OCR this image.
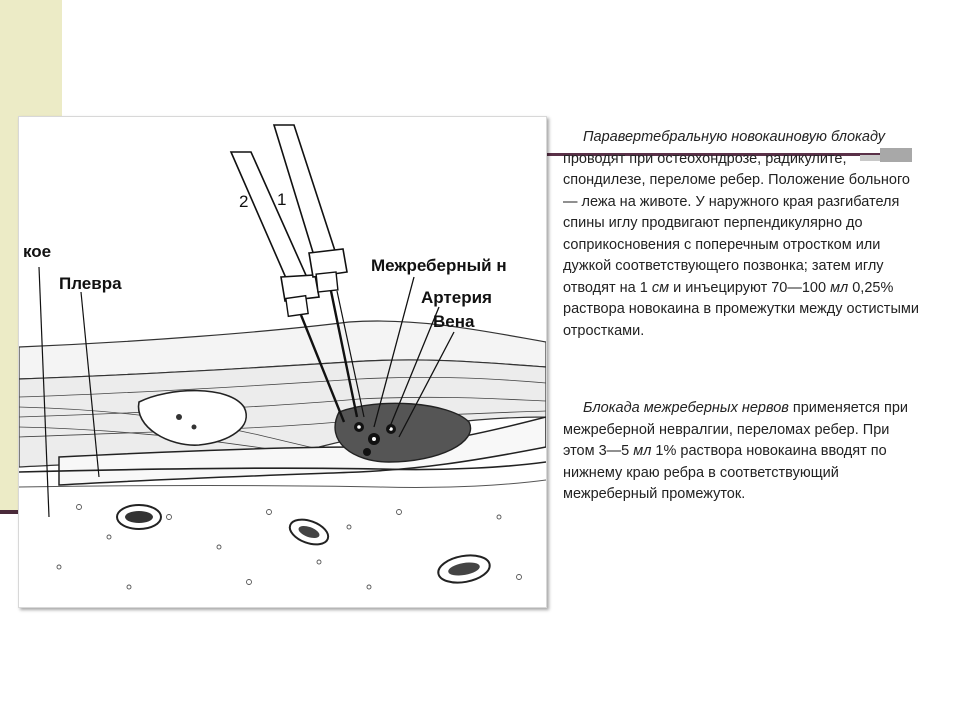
1
2
кое
Плевра
Межреберный н
Артерия
Вена

Паравертебральную новокаиновую блокаду проводят при остеохондрозе, радикулите, спондилезе, переломе ребер. Положение больного — лежа на животе. У наружного края разгибателя спины иглу продвигают перпендикулярно до соприкосновения с поперечным отростком или дужкой соответствующего позвонка; затем иглу отводят на 1 см и инъецируют 70—100 мл 0,25% раствора новокаина в промежутки между остистыми отростками.

Блокада межреберных нервов применяется при межреберной невралгии, переломах ребер. При этом 3—5 мл 1% раствора новокаина вводят по нижнему краю ребра в соответствующий межреберный промежуток.
